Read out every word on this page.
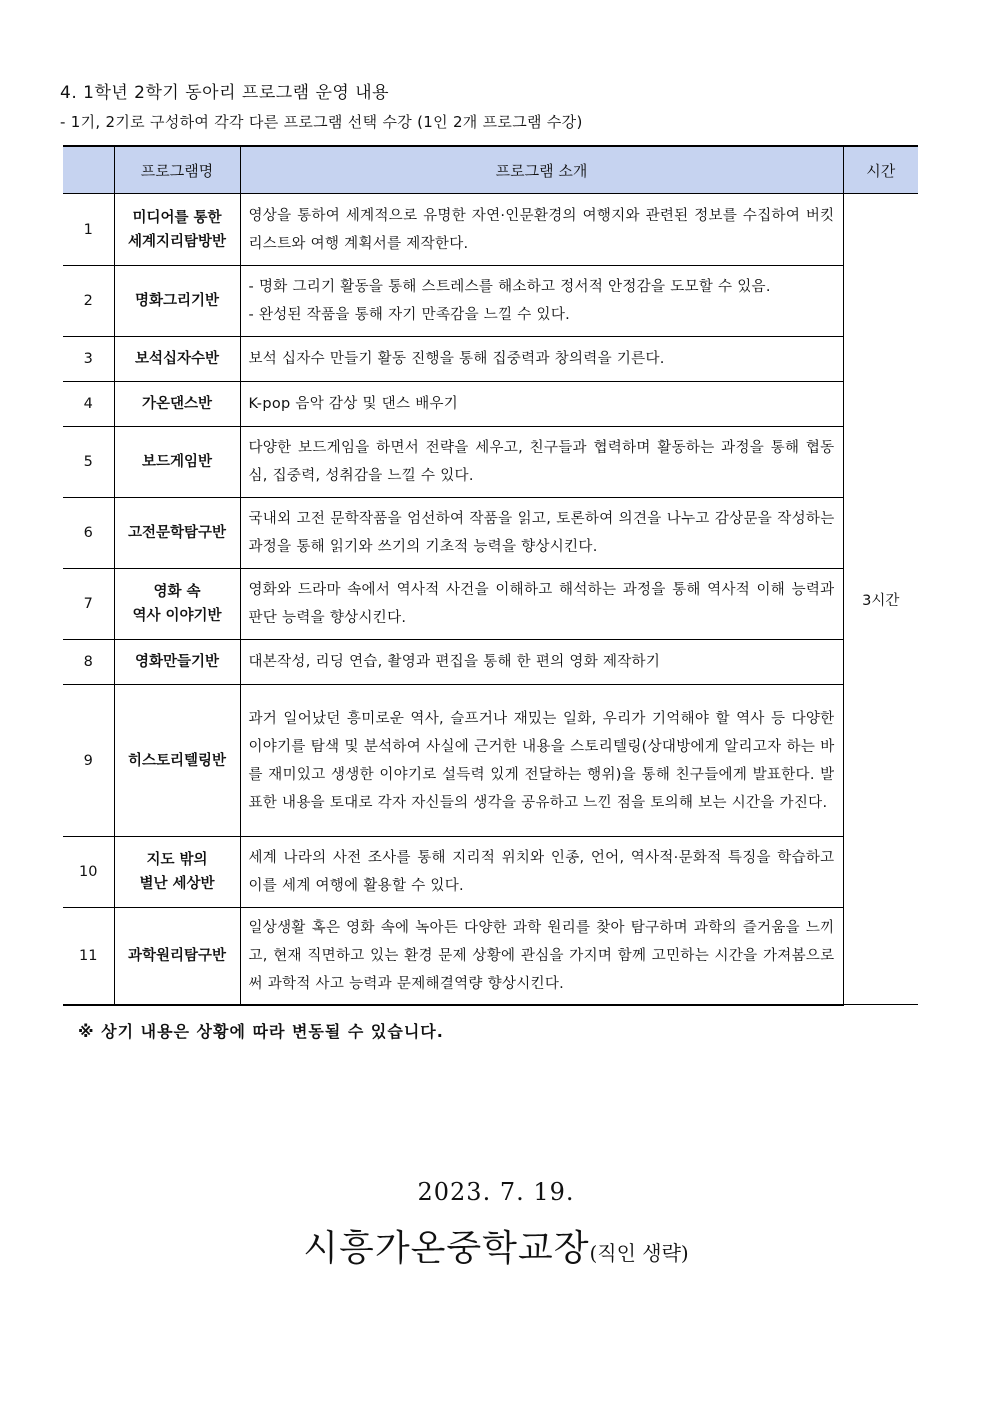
4. 1학년 2학기 동아리 프로그램 운영 내용
- 1기, 2기로 구성하여 각각 다른 프로그램 선택 수강 (1인 2개 프로그램 수강)
	프로그램명	프로그램 소개	시간
1	미디어를 통한
세계지리탐방반	영상을 통하여 세계적으로 유명한 자연·인문환경의 여행지와 관련된 정보를 수집하여 버킷리스트와 여행 계획서를 제작한다.	3시간
2	명화그리기반	- 명화 그리기 활동을 통해 스트레스를 해소하고 정서적 안정감을 도모할 수 있음.
- 완성된 작품을 통해 자기 만족감을 느낄 수 있다.	

3	보석십자수반	보석 십자수 만들기 활동 진행을 통해 집중력과 창의력을 기른다.	
4	가온댄스반	K-pop 음악 감상 및 댄스 배우기	
5	보드게임반	다양한 보드게임을 하면서 전략을 세우고, 친구들과 협력하며 활동하는 과정을 통해 협동심, 집중력, 성취감을 느낄 수 있다.	
6	고전문학탐구반	국내외 고전 문학작품을 엄선하여 작품을 읽고, 토론하여 의견을 나누고 감상문을 작성하는 과정을 통해 읽기와 쓰기의 기초적 능력을 향상시킨다.	
7	영화 속
역사 이야기반	영화와 드라마 속에서 역사적 사건을 이해하고 해석하는 과정을 통해 역사적 이해 능력과 판단 능력을 향상시킨다.	
8	영화만들기반	대본작성, 리딩 연습, 촬영과 편집을 통해 한 편의 영화 제작하기	
9	히스토리텔링반	과거 일어났던 흥미로운 역사, 슬프거나 재밌는 일화, 우리가 기억해야 할 역사 등 다양한 이야기를 탐색 및 분석하여 사실에 근거한 내용을 스토리텔링(상대방에게 알리고자 하는 바를 재미있고 생생한 이야기로 설득력 있게 전달하는 행위)을 통해 친구들에게 발표한다. 발표한 내용을 토대로 각자 자신들의 생각을 공유하고 느낀 점을 토의해 보는 시간을 가진다.	
10	지도 밖의
별난 세상반	세계 나라의 사전 조사를 통해 지리적 위치와 인종, 언어, 역사적·문화적 특징을 학습하고 이를 세계 여행에 활용할 수 있다.	
11	과학원리탐구반	일상생활 혹은 영화 속에 녹아든 다양한 과학 원리를 찾아 탐구하며 과학의 즐거움을 느끼고, 현재 직면하고 있는 환경 문제 상황에 관심을 가지며 함께 고민하는 시간을 가져봄으로써 과학적 사고 능력과 문제해결역량 향상시킨다.	
※ 상기 내용은 상황에 따라 변동될 수 있습니다.
2023. 7. 19.
시흥가온중학교장(직인 생략)
